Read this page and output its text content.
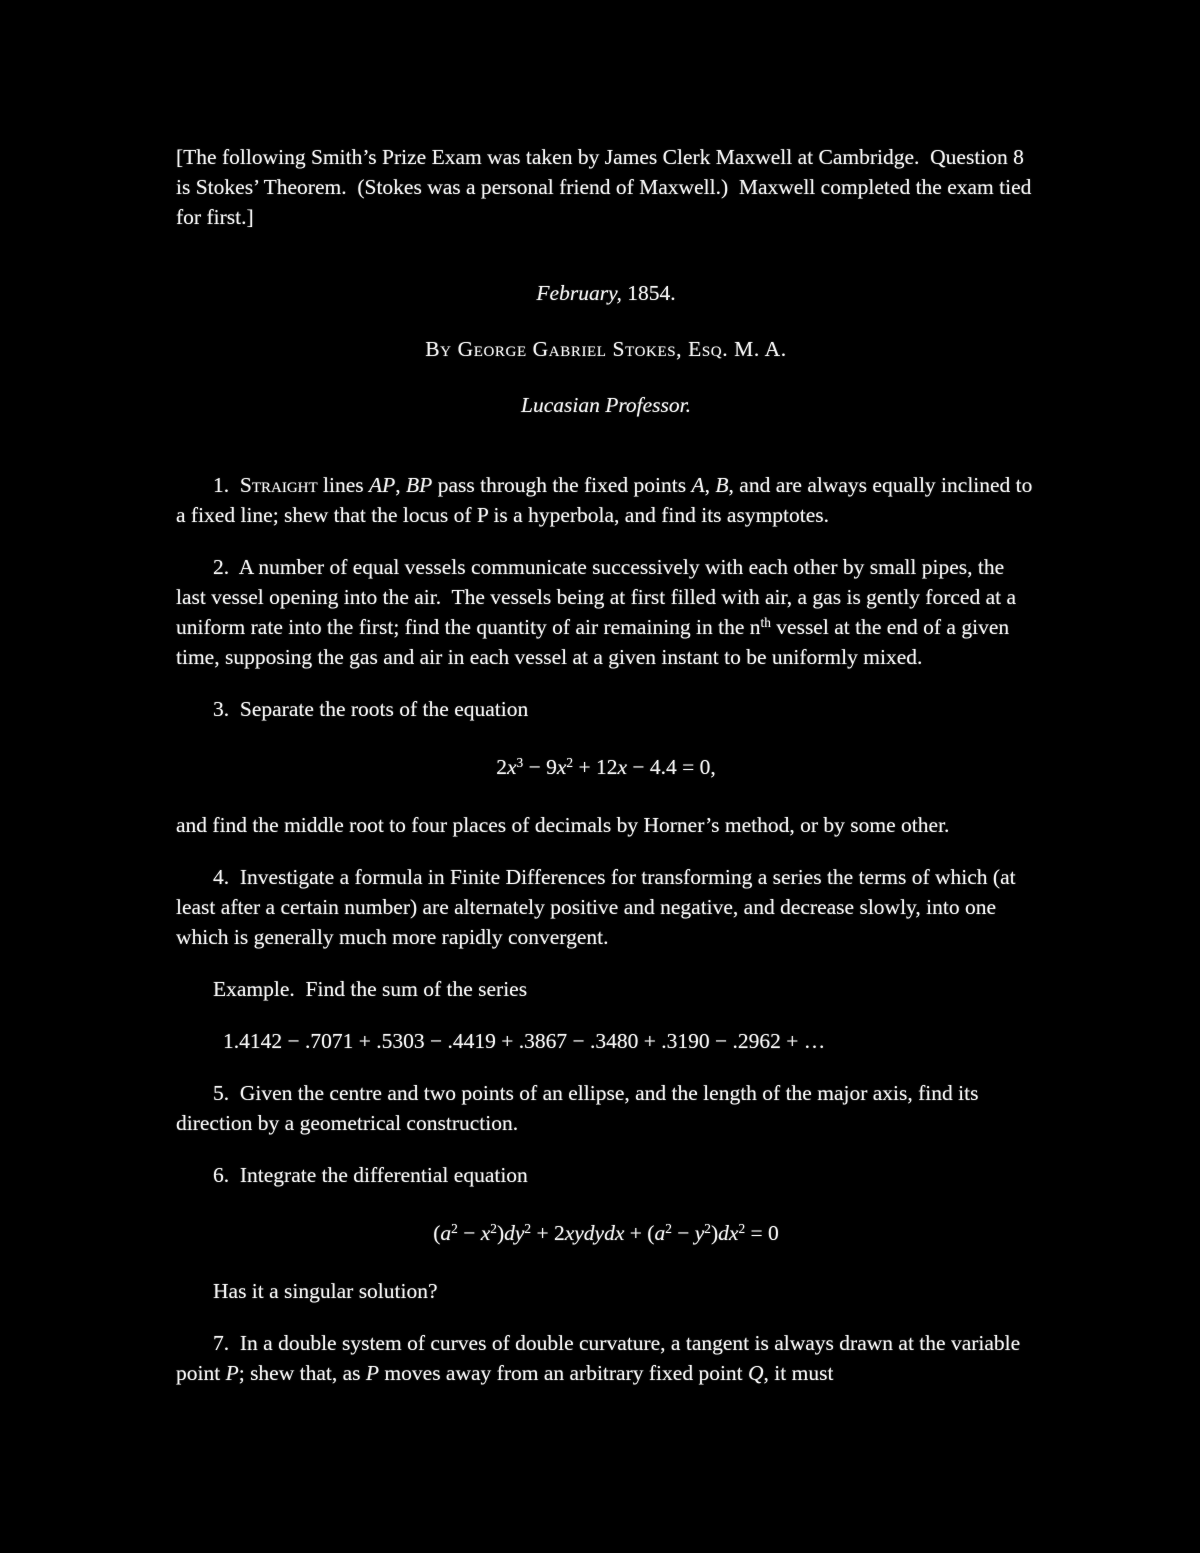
[The following Smith’s Prize Exam was taken by James Clerk Maxwell at Cambridge.  Question 8 is Stokes’ Theorem.  (Stokes was a personal friend of Maxwell.)  Maxwell completed the exam tied for first.]

February, 1854.

By George Gabriel Stokes, Esq. M. A.

Lucasian Professor.

1.  Straight lines AP, BP pass through the fixed points A, B, and are always equally inclined to a fixed line; shew that the locus of P is a hyperbola, and find its asymptotes.

2.  A number of equal vessels communicate successively with each other by small pipes, the last vessel opening into the air.  The vessels being at first filled with air, a gas is gently forced at a uniform rate into the first; find the quantity of air remaining in the $n^{th}$ vessel at the end of a given time, supposing the gas and air in each vessel at a given instant to be uniformly mixed.

3.  Separate the roots of the equation

$2x^3 - 9x^2 + 12x - 4.4 = 0$,

and find the middle root to four places of decimals by Horner’s method, or by some other.

4.  Investigate a formula in Finite Differences for transforming a series the terms of which (at least after a certain number) are alternately positive and negative, and decrease slowly, into one which is generally much more rapidly convergent.

Example.  Find the sum of the series

1.4142 − .7071 + .5303 − .4419 + .3867 − .3480 + .3190 − .2962 + …

5.  Given the centre and two points of an ellipse, and the length of the major axis, find its direction by a geometrical construction.

6.  Integrate the differential equation

$(a^2 - x^2)dy^2$ + 2xydydx + $(a^2 - y^2)dx^2 = 0$

Has it a singular solution?

7.  In a double system of curves of double curvature, a tangent is always drawn at the variable point P; shew that, as P moves away from an arbitrary fixed point Q, it must
